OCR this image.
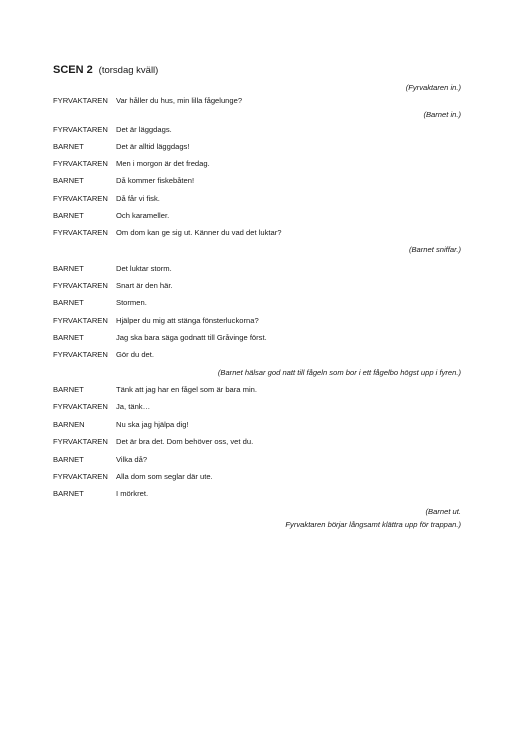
SCEN 2 (torsdag kväll)
(Fyrvaktaren in.)
FYRVAKTAREN Var håller du hus, min lilla fågelunge?
(Barnet in.)
FYRVAKTAREN Det är läggdags.
BARNET	Det är alltid läggdags!
FYRVAKTAREN Men i morgon är det fredag.
BARNET	Då kommer fiskebåten!
FYRVAKTAREN Då får vi fisk.
BARNET	Och karameller.
FYRVAKTAREN Om dom kan ge sig ut. Känner du vad det luktar?
(Barnet sniffar.)
BARNET	Det luktar storm.
FYRVAKTAREN Snart är den här.
BARNET	Stormen.
FYRVAKTAREN Hjälper du mig att stänga fönsterluckorna?
BARNET	Jag ska bara säga godnatt till Gråvinge först.
FYRVAKTAREN Gör du det.
(Barnet hälsar god natt till fågeln som bor i ett fågelbo högst upp i fyren.)
BARNET	Tänk att jag har en fågel som är bara min.
FYRVAKTAREN Ja, tänk…
BARNEN	Nu ska jag hjälpa dig!
FYRVAKTAREN Det är bra det. Dom behöver oss, vet du.
BARNET	Vilka då?
FYRVAKTAREN Alla dom som seglar där ute.
BARNET	I mörkret.
(Barnet ut.
Fyrvaktaren börjar långsamt klättra upp för trappan.)
